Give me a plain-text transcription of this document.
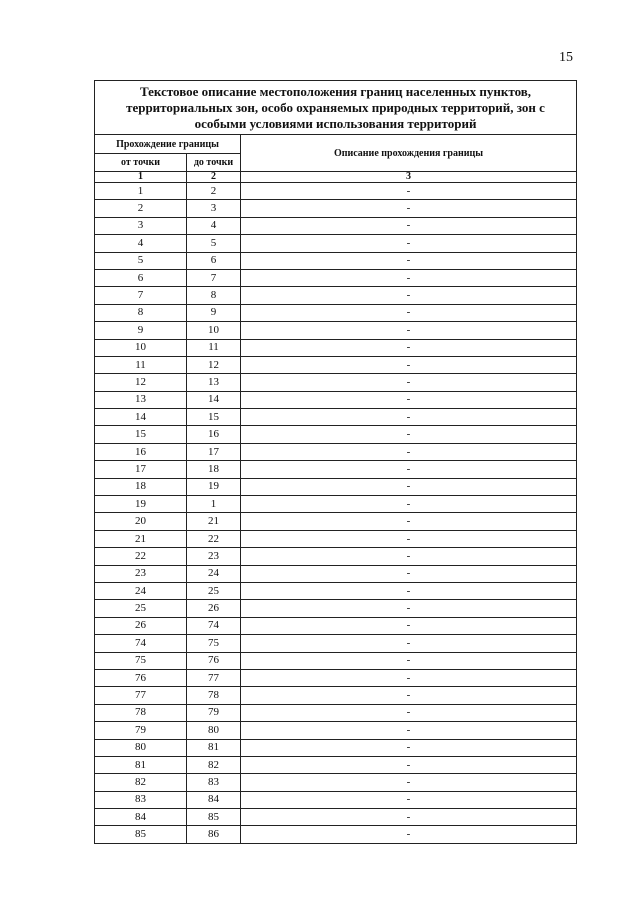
15
Текстовое описание местоположения границ населенных пунктов,
территориальных зон, особо охраняемых природных территорий, зон с
особыми условиями использования территорий		

Прохождение границы		Описание прохождения границы
от точки	до точки	
1	2	3
1	2	-
2	3	-
3	4	-
4	5	-
5	6	-
6	7	-
7	8	-
8	9	-
9	10	-
10	11	-
11	12	-
12	13	-
13	14	-
14	15	-
15	16	-
16	17	-
17	18	-
18	19	-
19	1	-
20	21	-
21	22	-
22	23	-
23	24	-
24	25	-
25	26	-
26	74	-
74	75	-
75	76	-
76	77	-
77	78	-
78	79	-
79	80	-
80	81	-
81	82	-
82	83	-
83	84	-
84	85	-
85	86	-
